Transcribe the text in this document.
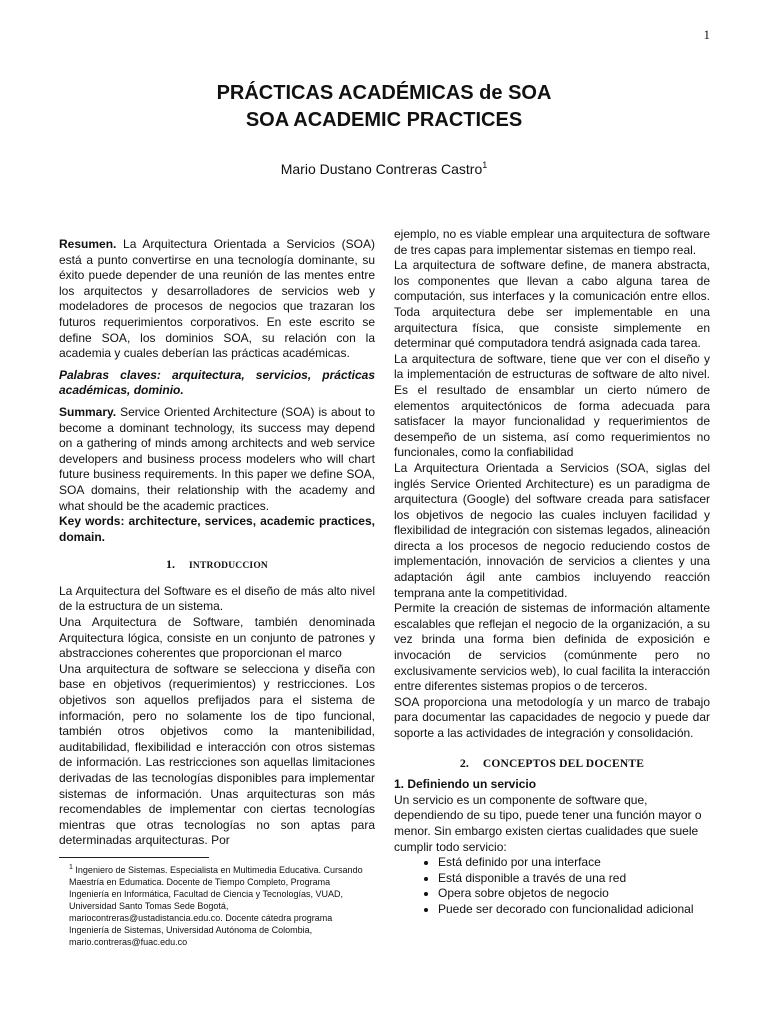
1
PRÁCTICAS ACADÉMICAS de SOA
SOA ACADEMIC PRACTICES
Mario Dustano Contreras Castro$^1$

Resumen. La Arquitectura Orientada a Servicios (SOA) está a punto convertirse en una tecnología dominante, su éxito puede depender de una reunión de las mentes entre los arquitectos y desarrolladores de servicios web y modeladores de procesos de negocios que trazaran los futuros requerimientos corporativos. En este escrito se define SOA, los dominios SOA, su relación con la academia y cuales deberían las prácticas académicas.

Palabras claves: arquitectura, servicios, prácticas académicas, dominio.

Summary. Service Oriented Architecture (SOA) is about to become a dominant technology, its success may depend on a gathering of minds among architects and web service developers and business process modelers who will chart future business requirements. In this paper we define SOA, SOA domains, their relationship with the academy and what should be the academic practices.

Key words: architecture, services, academic practices, domain.

1. INTRODUCCION

La Arquitectura del Software es el diseño de más alto nivel de la estructura de un sistema.

Una Arquitectura de Software, también denominada Arquitectura lógica, consiste en un conjunto de patrones y abstracciones coherentes que proporcionan el marco

Una arquitectura de software se selecciona y diseña con base en objetivos (requerimientos) y restricciones. Los objetivos son aquellos prefijados para el sistema de información, pero no solamente los de tipo funcional, también otros objetivos como la mantenibilidad, auditabilidad, flexibilidad e interacción con otros sistemas de información. Las restricciones son aquellas limitaciones derivadas de las tecnologías disponibles para implementar sistemas de información. Unas arquitecturas son más recomendables de implementar con ciertas tecnologías mientras que otras tecnologías no son aptas para determinadas arquitecturas. Por

$^1$ Ingeniero de Sistemas. Especialista en Multimedia Educativa. Cursando Maestría en Edumatica. Docente de Tiempo Completo, Programa Ingeniería en Informática, Facultad de Ciencia y Tecnologías, VUAD, Universidad Santo Tomas Sede Bogotá, mariocontreras@ustadistancia.edu.co. Docente cátedra programa Ingeniería de Sistemas, Universidad Autónoma de Colombia, mario.contreras@fuac.edu.co

ejemplo, no es viable emplear una arquitectura de software de tres capas para implementar sistemas en tiempo real.

La arquitectura de software define, de manera abstracta, los componentes que llevan a cabo alguna tarea de computación, sus interfaces y la comunicación entre ellos. Toda arquitectura debe ser implementable en una arquitectura física, que consiste simplemente en determinar qué computadora tendrá asignada cada tarea.

La arquitectura de software, tiene que ver con el diseño y la implementación de estructuras de software de alto nivel. Es el resultado de ensamblar un cierto número de elementos arquitectónicos de forma adecuada para satisfacer la mayor funcionalidad y requerimientos de desempeño de un sistema, así como requerimientos no funcionales, como la confiabilidad

La Arquitectura Orientada a Servicios (SOA, siglas del inglés Service Oriented Architecture) es un paradigma de arquitectura (Google) del software creada para satisfacer los objetivos de negocio las cuales incluyen facilidad y flexibilidad de integración con sistemas legados, alineación directa a los procesos de negocio reduciendo costos de implementación, innovación de servicios a clientes y una adaptación ágil ante cambios incluyendo reacción temprana ante la competitividad.

Permite la creación de sistemas de información altamente escalables que reflejan el negocio de la organización, a su vez brinda una forma bien definida de exposición e invocación de servicios (comúnmente pero no exclusivamente servicios web), lo cual facilita la interacción entre diferentes sistemas propios o de terceros.

SOA proporciona una metodología y un marco de trabajo para documentar las capacidades de negocio y puede dar soporte a las actividades de integración y consolidación.

2. CONCEPTOS DEL DOCENTE

1. Definiendo un servicio

Un servicio es un componente de software que, dependiendo de su tipo, puede tener una función mayor o menor. Sin embargo existen ciertas cualidades que suele cumplir todo servicio:

• Está definido por una interface
• Está disponible a través de una red
• Opera sobre objetos de negocio
• Puede ser decorado con funcionalidad adicional
